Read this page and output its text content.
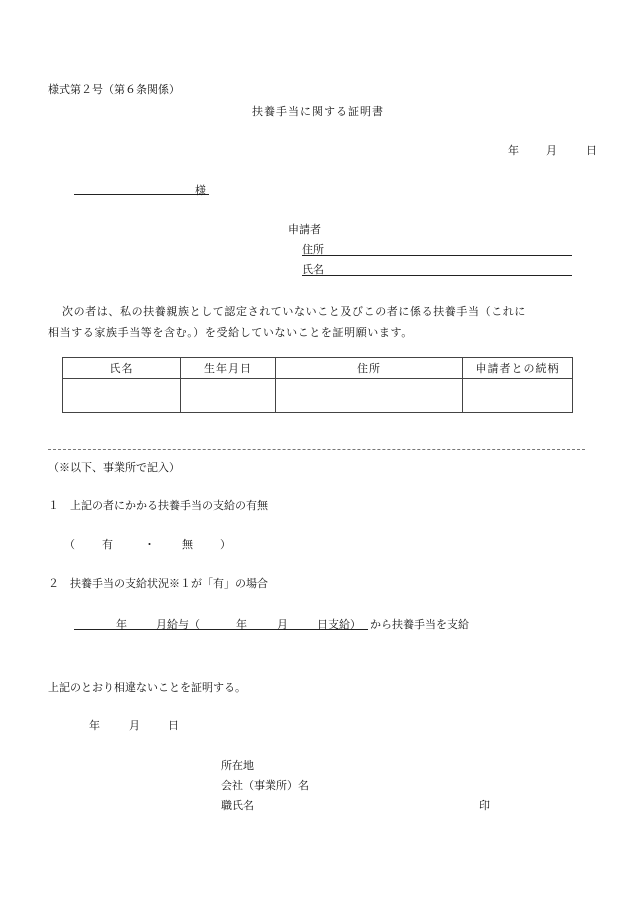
様式第２号（第６条関係）
扶養手当に関する証明書
年 月	日
様
申請者
住所
氏名
次の者は、私の扶養親族として認定されていないこと及びこの者に係る扶養手当（これに
相当する家族手当等を含む。）を受給していないことを証明願います。
氏名	生年月日	住所	申請者との続柄

（※以下、事業所で記入）
１　上記の者にかかる扶養手当の支給の有無
（ 有	・ 無 ）
２　扶養手当の支給状況※１が「有」の場合
年	月給与（	年	月	日支給） から扶養手当を支給
上記のとおり相違ないことを証明する。
年	月	日
所在地
会社（事業所）名
職氏名	印
